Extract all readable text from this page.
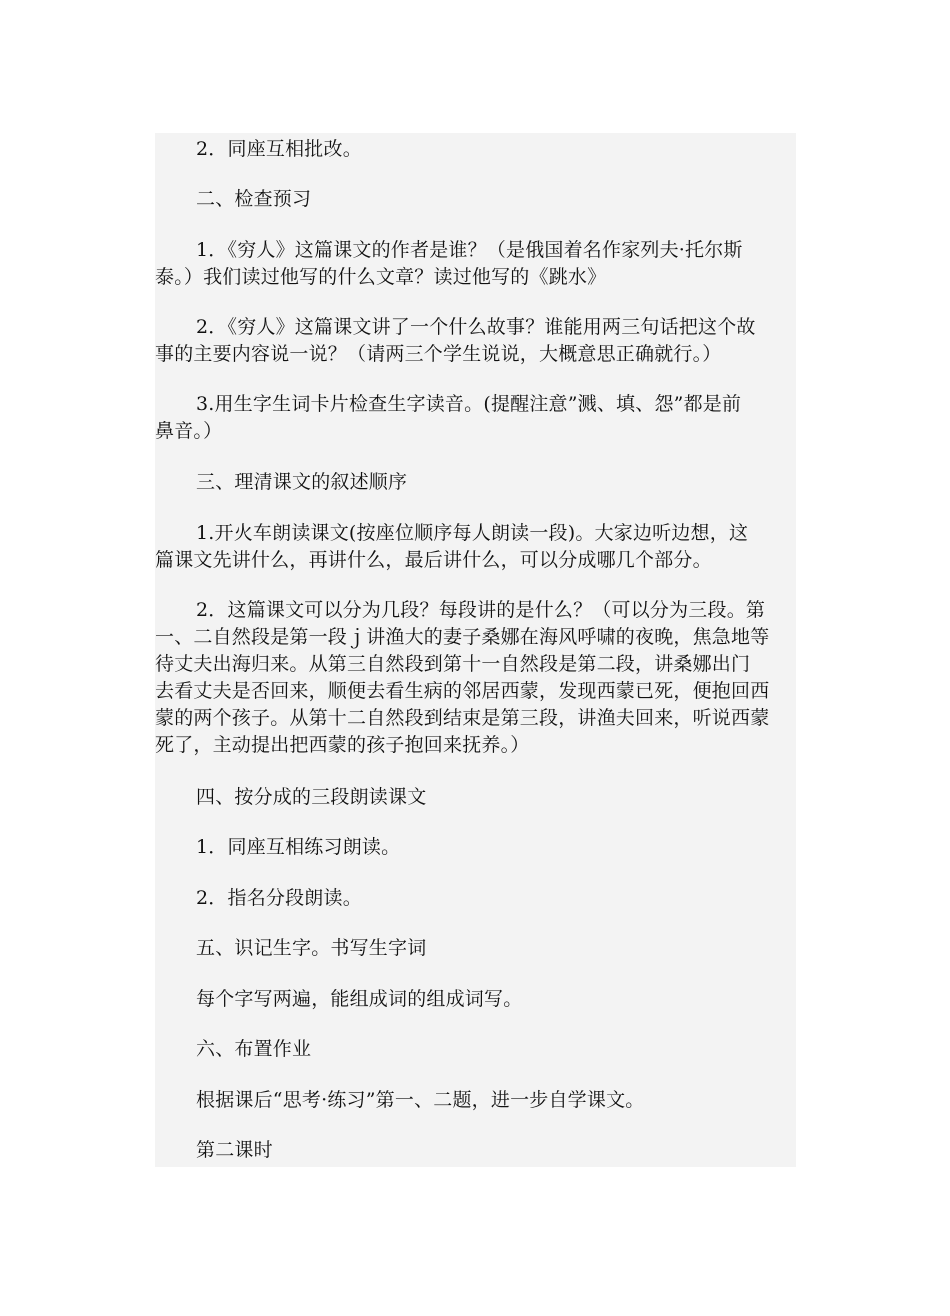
2．同座互相批改。

二、检查预习

1．《穷人》这篇课文的作者是谁？（是俄国着名作家列夫·托尔斯
泰。）我们读过他写的什么文章？读过他写的《跳水》

2．《穷人》这篇课文讲了一个什么故事？谁能用两三句话把这个故
事的主要内容说一说？（请两三个学生说说，大概意思正确就行。）

3.用生字生词卡片检查生字读音。(提醒注意”溅、填、怨”都是前
鼻音。）

三、理清课文的叙述顺序

1.开火车朗读课文(按座位顺序每人朗读一段)。大家边听边想，这
篇课文先讲什么，再讲什么，最后讲什么，可以分成哪几个部分。

2．这篇课文可以分为几段？每段讲的是什么？（可以分为三段。第
一、二自然段是第一段ｊ讲渔大的妻子桑娜在海风呼啸的夜晚，焦急地等
待丈夫出海归来。从第三自然段到第十一自然段是第二段，讲桑娜出门
去看丈夫是否回来，顺便去看生病的邻居西蒙，发现西蒙已死，便抱回西
蒙的两个孩子。从第十二自然段到结束是第三段，讲渔夫回来，听说西蒙
死了，主动提出把西蒙的孩子抱回来抚养。）

四、按分成的三段朗读课文

1．同座互相练习朗读。

2．指名分段朗读。

五、识记生字。书写生字词

每个字写两遍，能组成词的组成词写。

六、布置作业

根据课后“思考·练习”第一、二题，进一步自学课文。

第二课时
